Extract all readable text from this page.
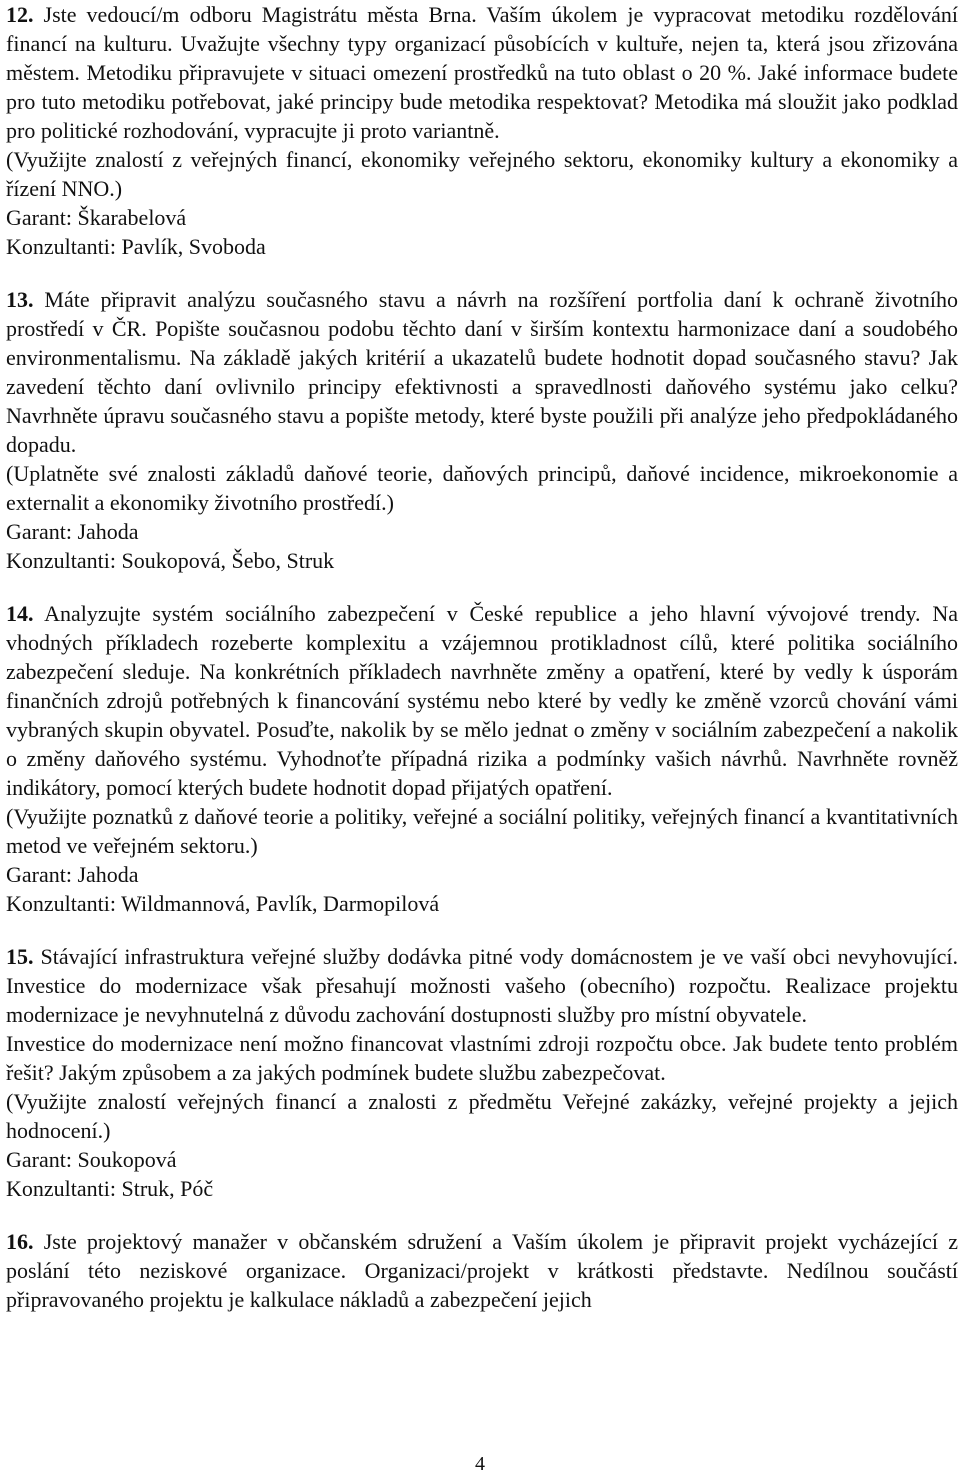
12. Jste vedoucí/m odboru Magistrátu města Brna. Vaším úkolem je vypracovat metodiku rozdělování financí na kulturu. Uvažujte všechny typy organizací působících v kultuře, nejen ta, která jsou zřizována městem. Metodiku připravujete v situaci omezení prostředků na tuto oblast o 20 %. Jaké informace budete pro tuto metodiku potřebovat, jaké principy bude metodika respektovat? Metodika má sloužit jako podklad pro politické rozhodování, vypracujte ji proto variantně.

(Využijte znalostí z veřejných financí, ekonomiky veřejného sektoru, ekonomiky kultury a ekonomiky a řízení NNO.)

Garant: Škarabelová

Konzultanti: Pavlík, Svoboda

13. Máte připravit analýzu současného stavu a návrh na rozšíření portfolia daní k ochraně životního prostředí v ČR. Popište současnou podobu těchto daní v širším kontextu harmonizace daní a soudobého environmentalismu. Na základě jakých kritérií a ukazatelů budete hodnotit dopad současného stavu? Jak zavedení těchto daní ovlivnilo principy efektivnosti a spravedlnosti daňového systému jako celku? Navrhněte úpravu současného stavu a popište metody, které byste použili při analýze jeho předpokládaného dopadu.

(Uplatněte své znalosti základů daňové teorie, daňových principů, daňové incidence, mikroekonomie a externalit a ekonomiky životního prostředí.)

Garant: Jahoda

Konzultanti: Soukopová, Šebo, Struk

14. Analyzujte systém sociálního zabezpečení v České republice a jeho hlavní vývojové trendy. Na vhodných příkladech rozeberte komplexitu a vzájemnou protikladnost cílů, které politika sociálního zabezpečení sleduje. Na konkrétních příkladech navrhněte změny a opatření, které by vedly k úsporám finančních zdrojů potřebných k financování systému nebo které by vedly ke změně vzorců chování vámi vybraných skupin obyvatel. Posuďte, nakolik by se mělo jednat o změny v sociálním zabezpečení a nakolik o změny daňového systému. Vyhodnoťte případná rizika a podmínky vašich návrhů. Navrhněte rovněž indikátory, pomocí kterých budete hodnotit dopad přijatých opatření.

(Využijte poznatků z daňové teorie a politiky, veřejné a sociální politiky, veřejných financí a kvantitativních metod ve veřejném sektoru.)

Garant: Jahoda

Konzultanti: Wildmannová, Pavlík, Darmopilová

15. Stávající infrastruktura veřejné služby dodávka pitné vody domácnostem je ve vaší obci nevyhovující. Investice do modernizace však přesahují možnosti vašeho (obecního) rozpočtu. Realizace projektu modernizace je nevyhnutelná z důvodu zachování dostupnosti služby pro místní obyvatele.

Investice do modernizace není možno financovat vlastními zdroji rozpočtu obce. Jak budete tento problém řešit? Jakým způsobem a za jakých podmínek budete službu zabezpečovat.

(Využijte znalostí veřejných financí a znalosti z předmětu Veřejné zakázky, veřejné projekty a jejich hodnocení.)

Garant: Soukopová

Konzultanti: Struk, Póč

16. Jste projektový manažer v občanském sdružení a Vaším úkolem je připravit projekt vycházející z poslání této neziskové organizace. Organizaci/projekt v krátkosti představte. Nedílnou součástí připravovaného projektu je kalkulace nákladů a zabezpečení jejich

4
